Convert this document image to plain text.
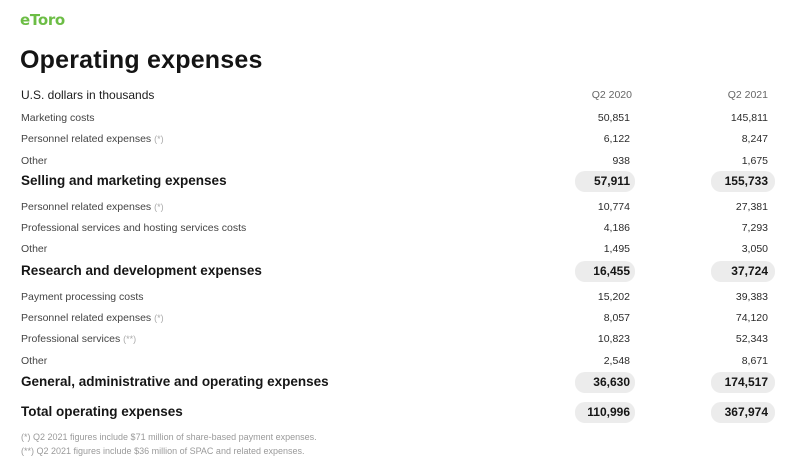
eToro
Operating expenses
U.S. dollars in thousands	Q2 2020	Q2 2021
Marketing costs	50,851	145,811
Personnel related expenses (*)	6,122	8,247
Other	938	1,675
Selling and marketing expenses	57,911	155,733
Personnel related expenses (*)	10,774	27,381
Professional services and hosting services costs	4,186	7,293
Other	1,495	3,050
Research and development expenses	16,455	37,724
Payment processing costs	15,202	39,383
Personnel related expenses (*)	8,057	74,120
Professional services (**)	10,823	52,343
Other	2,548	8,671
General, administrative and operating expenses	36,630	174,517
Total operating expenses	110,996	367,974
(*) Q2 2021 figures include $71 million of share-based payment expenses.
(**) Q2 2021 figures include $36 million of SPAC and related expenses.
